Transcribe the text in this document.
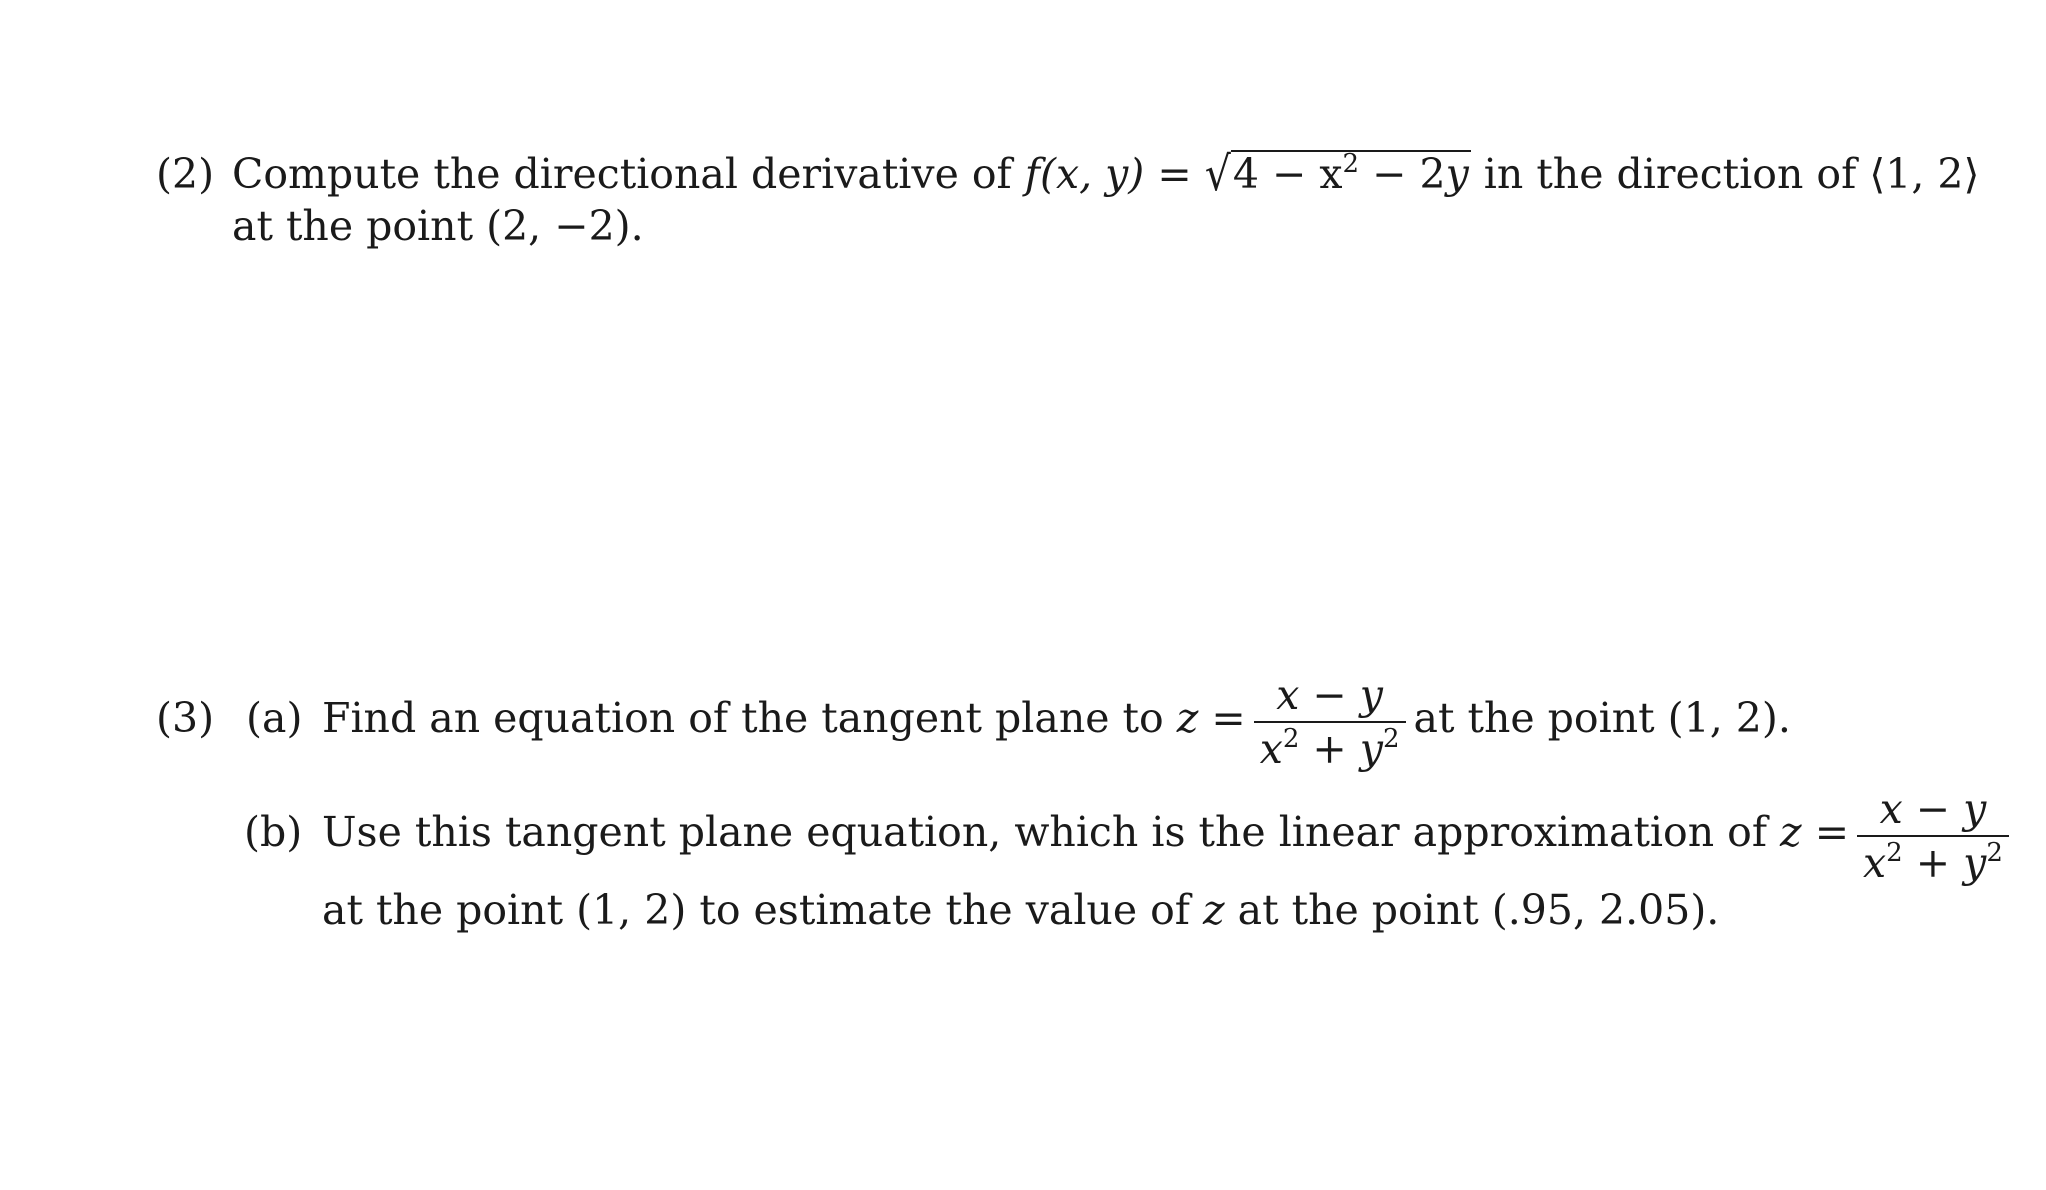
(2) Compute the directional derivative of f(x, $y) = √4 - x^2 - 2y$ in the direction of ⟨1, 2⟩
at the point (2, −2).
(3) (a) Find an equation of the tangent plane to $z = \frac{x - y}{x^2 + y^2}$ at the point (1, 2).
(b) Use this tangent plane equation, which is the linear approximation of $z = \frac{x - y}{x^2 + y^2}$
at the point (1, 2) to estimate the value of z at the point (.95, 2.05).
